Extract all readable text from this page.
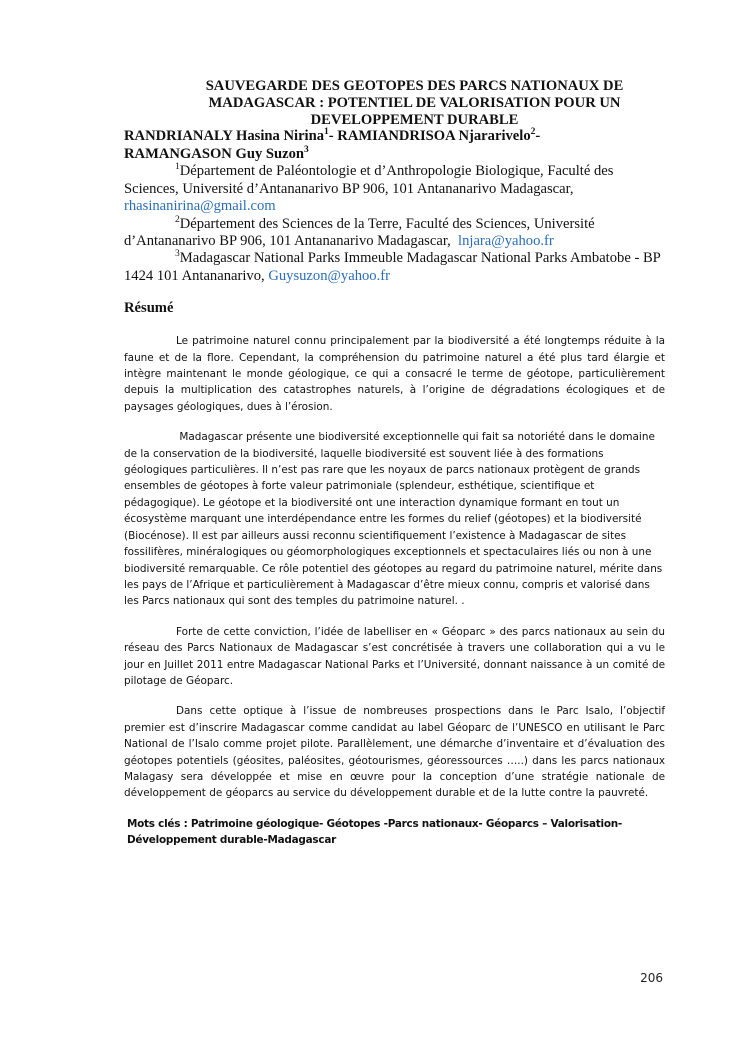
SAUVEGARDE DES GEOTOPES DES PARCS NATIONAUX DE
MADAGASCAR : POTENTIEL DE VALORISATION POUR UN
DEVELOPPEMENT DURABLE

RANDRIANALY Hasina Nirina$^1$- RAMIANDRISOA Njararivelo$^2$-
RAMANGASON Guy Suzon$^3$

$^1$Département de Paléontologie et d’Anthropologie Biologique, Faculté des Sciences, Université d’Antananarivo BP 906, 101 Antananarivo Madagascar, rhasinanirina@gmail.com

$^2$Département des Sciences de la Terre, Faculté des Sciences, Université d’Antananarivo BP 906, 101 Antananarivo Madagascar, lnjara@yahoo.fr

$^3$Madagascar National Parks Immeuble Madagascar National Parks Ambatobe - BP 1424 101 Antananarivo, Guysuzon@yahoo.fr

Résumé

Le patrimoine naturel connu principalement par la biodiversité a été longtemps réduite à la faune et de la flore. Cependant, la compréhension du patrimoine naturel a été plus tard élargie et intègre maintenant le monde géologique, ce qui a consacré le terme de géotope, particulièrement depuis la multiplication des catastrophes naturels, à l’origine de dégradations écologiques et de paysages géologiques, dues à l’érosion.

Madagascar présente une biodiversité exceptionnelle qui fait sa notoriété dans le domaine de la conservation de la biodiversité, laquelle biodiversité est souvent liée à des formations géologiques particulières. Il n’est pas rare que les noyaux de parcs nationaux protègent de grands ensembles de géotopes à forte valeur patrimoniale (splendeur, esthétique, scientifique et pédagogique). Le géotope et la biodiversité ont une interaction dynamique formant en tout un écosystème marquant une interdépendance entre les formes du relief (géotopes) et la biodiversité (Biocénose). Il est par ailleurs aussi reconnu scientifiquement l’existence à Madagascar de sites fossilifères, minéralogiques ou géomorphologiques exceptionnels et spectaculaires liés ou non à une biodiversité remarquable. Ce rôle potentiel des géotopes au regard du patrimoine naturel, mérite dans les pays de l’Afrique et particulièrement à Madagascar d’être mieux connu, compris et valorisé dans les Parcs nationaux qui sont des temples du patrimoine naturel. .

Forte de cette conviction, l’idée de labelliser en « Géoparc » des parcs nationaux au sein du réseau des Parcs Nationaux de Madagascar s’est concrétisée à travers une collaboration qui a vu le jour en Juillet 2011 entre Madagascar National Parks et l’Université, donnant naissance à un comité de pilotage de Géoparc.

Dans cette optique à l’issue de nombreuses prospections dans le Parc Isalo, l’objectif premier est d’inscrire Madagascar comme candidat au label Géoparc de l’UNESCO en utilisant le Parc National de l’Isalo comme projet pilote. Parallèlement, une démarche d’inventaire et d’évaluation des géotopes potentiels (géosites, paléosites, géotourismes, géoressources …..) dans les parcs nationaux Malagasy sera développée et mise en œuvre pour la conception d’une stratégie nationale de développement de géoparcs au service du développement durable et de la lutte contre la pauvreté.

Mots clés : Patrimoine géologique- Géotopes -Parcs nationaux- Géoparcs – Valorisation-Développement durable-Madagascar

206
